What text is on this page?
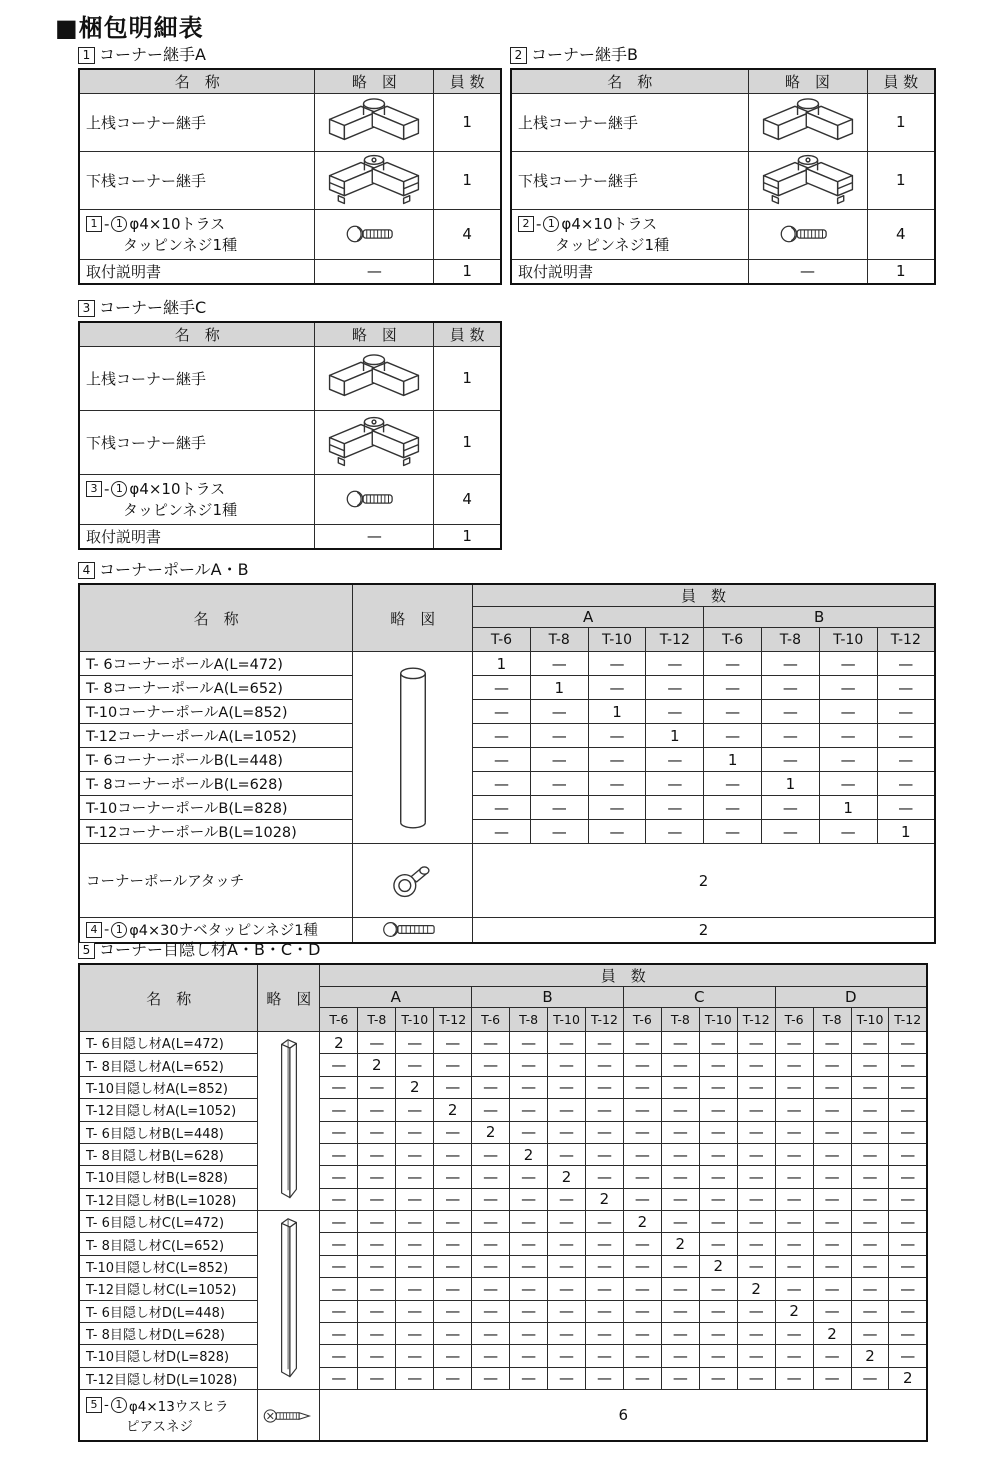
■梱包明細表
1 コーナー継手A
名　称	略　図	員 数
上桟コーナー継手		1
下桟コーナー継手		1

1 - 1 φ4×10トラス
タッピンネジ1種		4
取付説明書	—	1
2 コーナー継手B
名　称	略　図	員 数
上桟コーナー継手		1
下桟コーナー継手		1

2 - 1 φ4×10トラス
タッピンネジ1種		4
取付説明書	—	1
3 コーナー継手C
名　称	略　図	員 数
上桟コーナー継手		1
下桟コーナー継手		1

3 - 1 φ4×10トラス
タッピンネジ1種		4
取付説明書	—	1
4 コーナーポールA・B
名　称	略　図	員　数							
		A				B			
		T-6	T-8	T-10	T-12	T-6	T-8	T-10	T-12
T- 6コーナーポールA(L=472)		1	—	—	—	—	—	—	—
T- 8コーナーポールA(L=652)		—	1	—	—	—	—	—	—
T-10コーナーポールA(L=852)		—	—	1	—	—	—	—	—
T-12コーナーポールA(L=1052)		—	—	—	1	—	—	—	—
T- 6コーナーポールB(L=448)		—	—	—	—	1	—	—	—
T- 8コーナーポールB(L=628)		—	—	—	—	—	1	—	—
T-10コーナーポールB(L=828)		—	—	—	—	—	—	1	—
T-12コーナーポールB(L=1028)		—	—	—	—	—	—	—	1
コーナーポールアタッチ		2							

4 - 1 φ4×30ナベタッピンネジ1種		2							
5 コーナー目隠し材A・B・C・D
名　称	略　図	員　数															
		A				B				C				D			
		T-6	T-8	T-10	T-12	T-6	T-8	T-10	T-12	T-6	T-8	T-10	T-12	T-6	T-8	T-10	T-12
T- 6目隠し材A(L=472)		2	—	—	—	—	—	—	—	—	—	—	—	—	—	—	—
T- 8目隠し材A(L=652)		—	2	—	—	—	—	—	—	—	—	—	—	—	—	—	—
T-10目隠し材A(L=852)		—	—	2	—	—	—	—	—	—	—	—	—	—	—	—	—
T-12目隠し材A(L=1052)		—	—	—	2	—	—	—	—	—	—	—	—	—	—	—	—
T- 6目隠し材B(L=448)		—	—	—	—	2	—	—	—	—	—	—	—	—	—	—	—
T- 8目隠し材B(L=628)		—	—	—	—	—	2	—	—	—	—	—	—	—	—	—	—
T-10目隠し材B(L=828)		—	—	—	—	—	—	2	—	—	—	—	—	—	—	—	—
T-12目隠し材B(L=1028)		—	—	—	—	—	—	—	2	—	—	—	—	—	—	—	—
T- 6目隠し材C(L=472)		—	—	—	—	—	—	—	—	2	—	—	—	—	—	—	—
T- 8目隠し材C(L=652)		—	—	—	—	—	—	—	—	—	2	—	—	—	—	—	—
T-10目隠し材C(L=852)		—	—	—	—	—	—	—	—	—	—	2	—	—	—	—	—
T-12目隠し材C(L=1052)		—	—	—	—	—	—	—	—	—	—	—	2	—	—	—	—
T- 6目隠し材D(L=448)		—	—	—	—	—	—	—	—	—	—	—	—	2	—	—	—
T- 8目隠し材D(L=628)		—	—	—	—	—	—	—	—	—	—	—	—	—	2	—	—
T-10目隠し材D(L=828)		—	—	—	—	—	—	—	—	—	—	—	—	—	—	2	—
T-12目隠し材D(L=1028)		—	—	—	—	—	—	—	—	—	—	—	—	—	—	—	2

5 - 1 φ4×13ウスヒラ
ピアスネジ		6															
